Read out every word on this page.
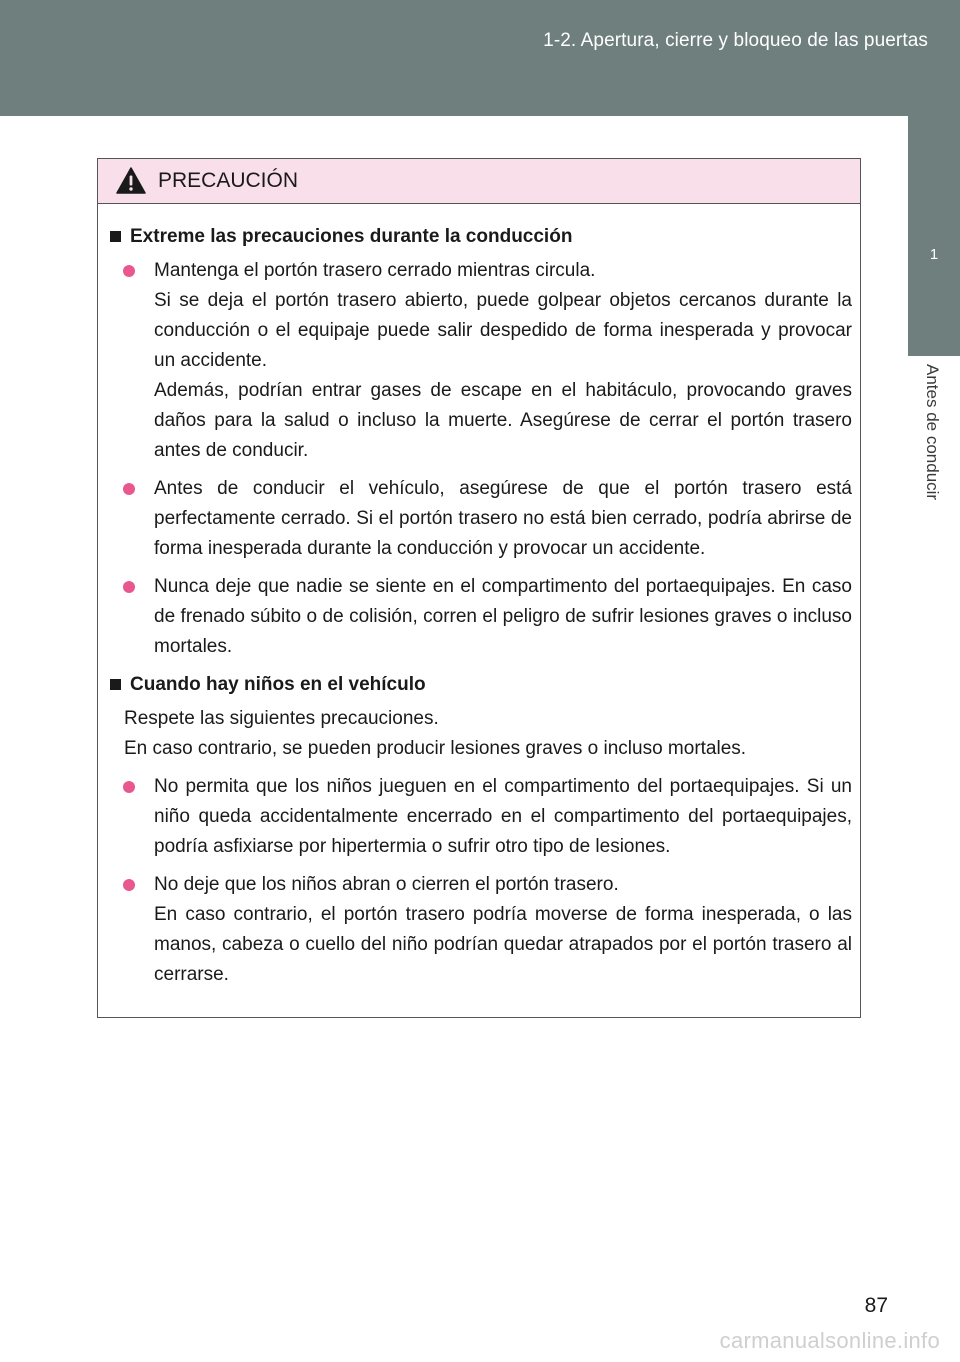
1-2. Apertura, cierre y bloqueo de las puertas
1
Antes de conducir
PRECAUCIÓN
Extreme las precauciones durante la conducción

Mantenga el portón trasero cerrado mientras circula.

Si se deja el portón trasero abierto, puede golpear objetos cercanos durante la conducción o el equipaje puede salir despedido de forma inesperada y provocar un accidente.

Además, podrían entrar gases de escape en el habitáculo, provocando graves daños para la salud o incluso la muerte. Asegúrese de cerrar el portón trasero antes de conducir.

Antes de conducir el vehículo, asegúrese de que el portón trasero está perfectamente cerrado. Si el portón trasero no está bien cerrado, podría abrirse de forma inesperada durante la conducción y provocar un accidente.

Nunca deje que nadie se siente en el compartimento del portaequipajes. En caso de frenado súbito o de colisión, corren el peligro de sufrir lesiones graves o incluso mortales.

Cuando hay niños en el vehículo

Respete las siguientes precauciones.

En caso contrario, se pueden producir lesiones graves o incluso mortales.

No permita que los niños jueguen en el compartimento del portaequipajes. Si un niño queda accidentalmente encerrado en el compartimento del portaequipajes, podría asfixiarse por hipertermia o sufrir otro tipo de lesiones.

No deje que los niños abran o cierren el portón trasero.

En caso contrario, el portón trasero podría moverse de forma inesperada, o las manos, cabeza o cuello del niño podrían quedar atrapados por el portón trasero al cerrarse.

87
carmanualsonline.info
